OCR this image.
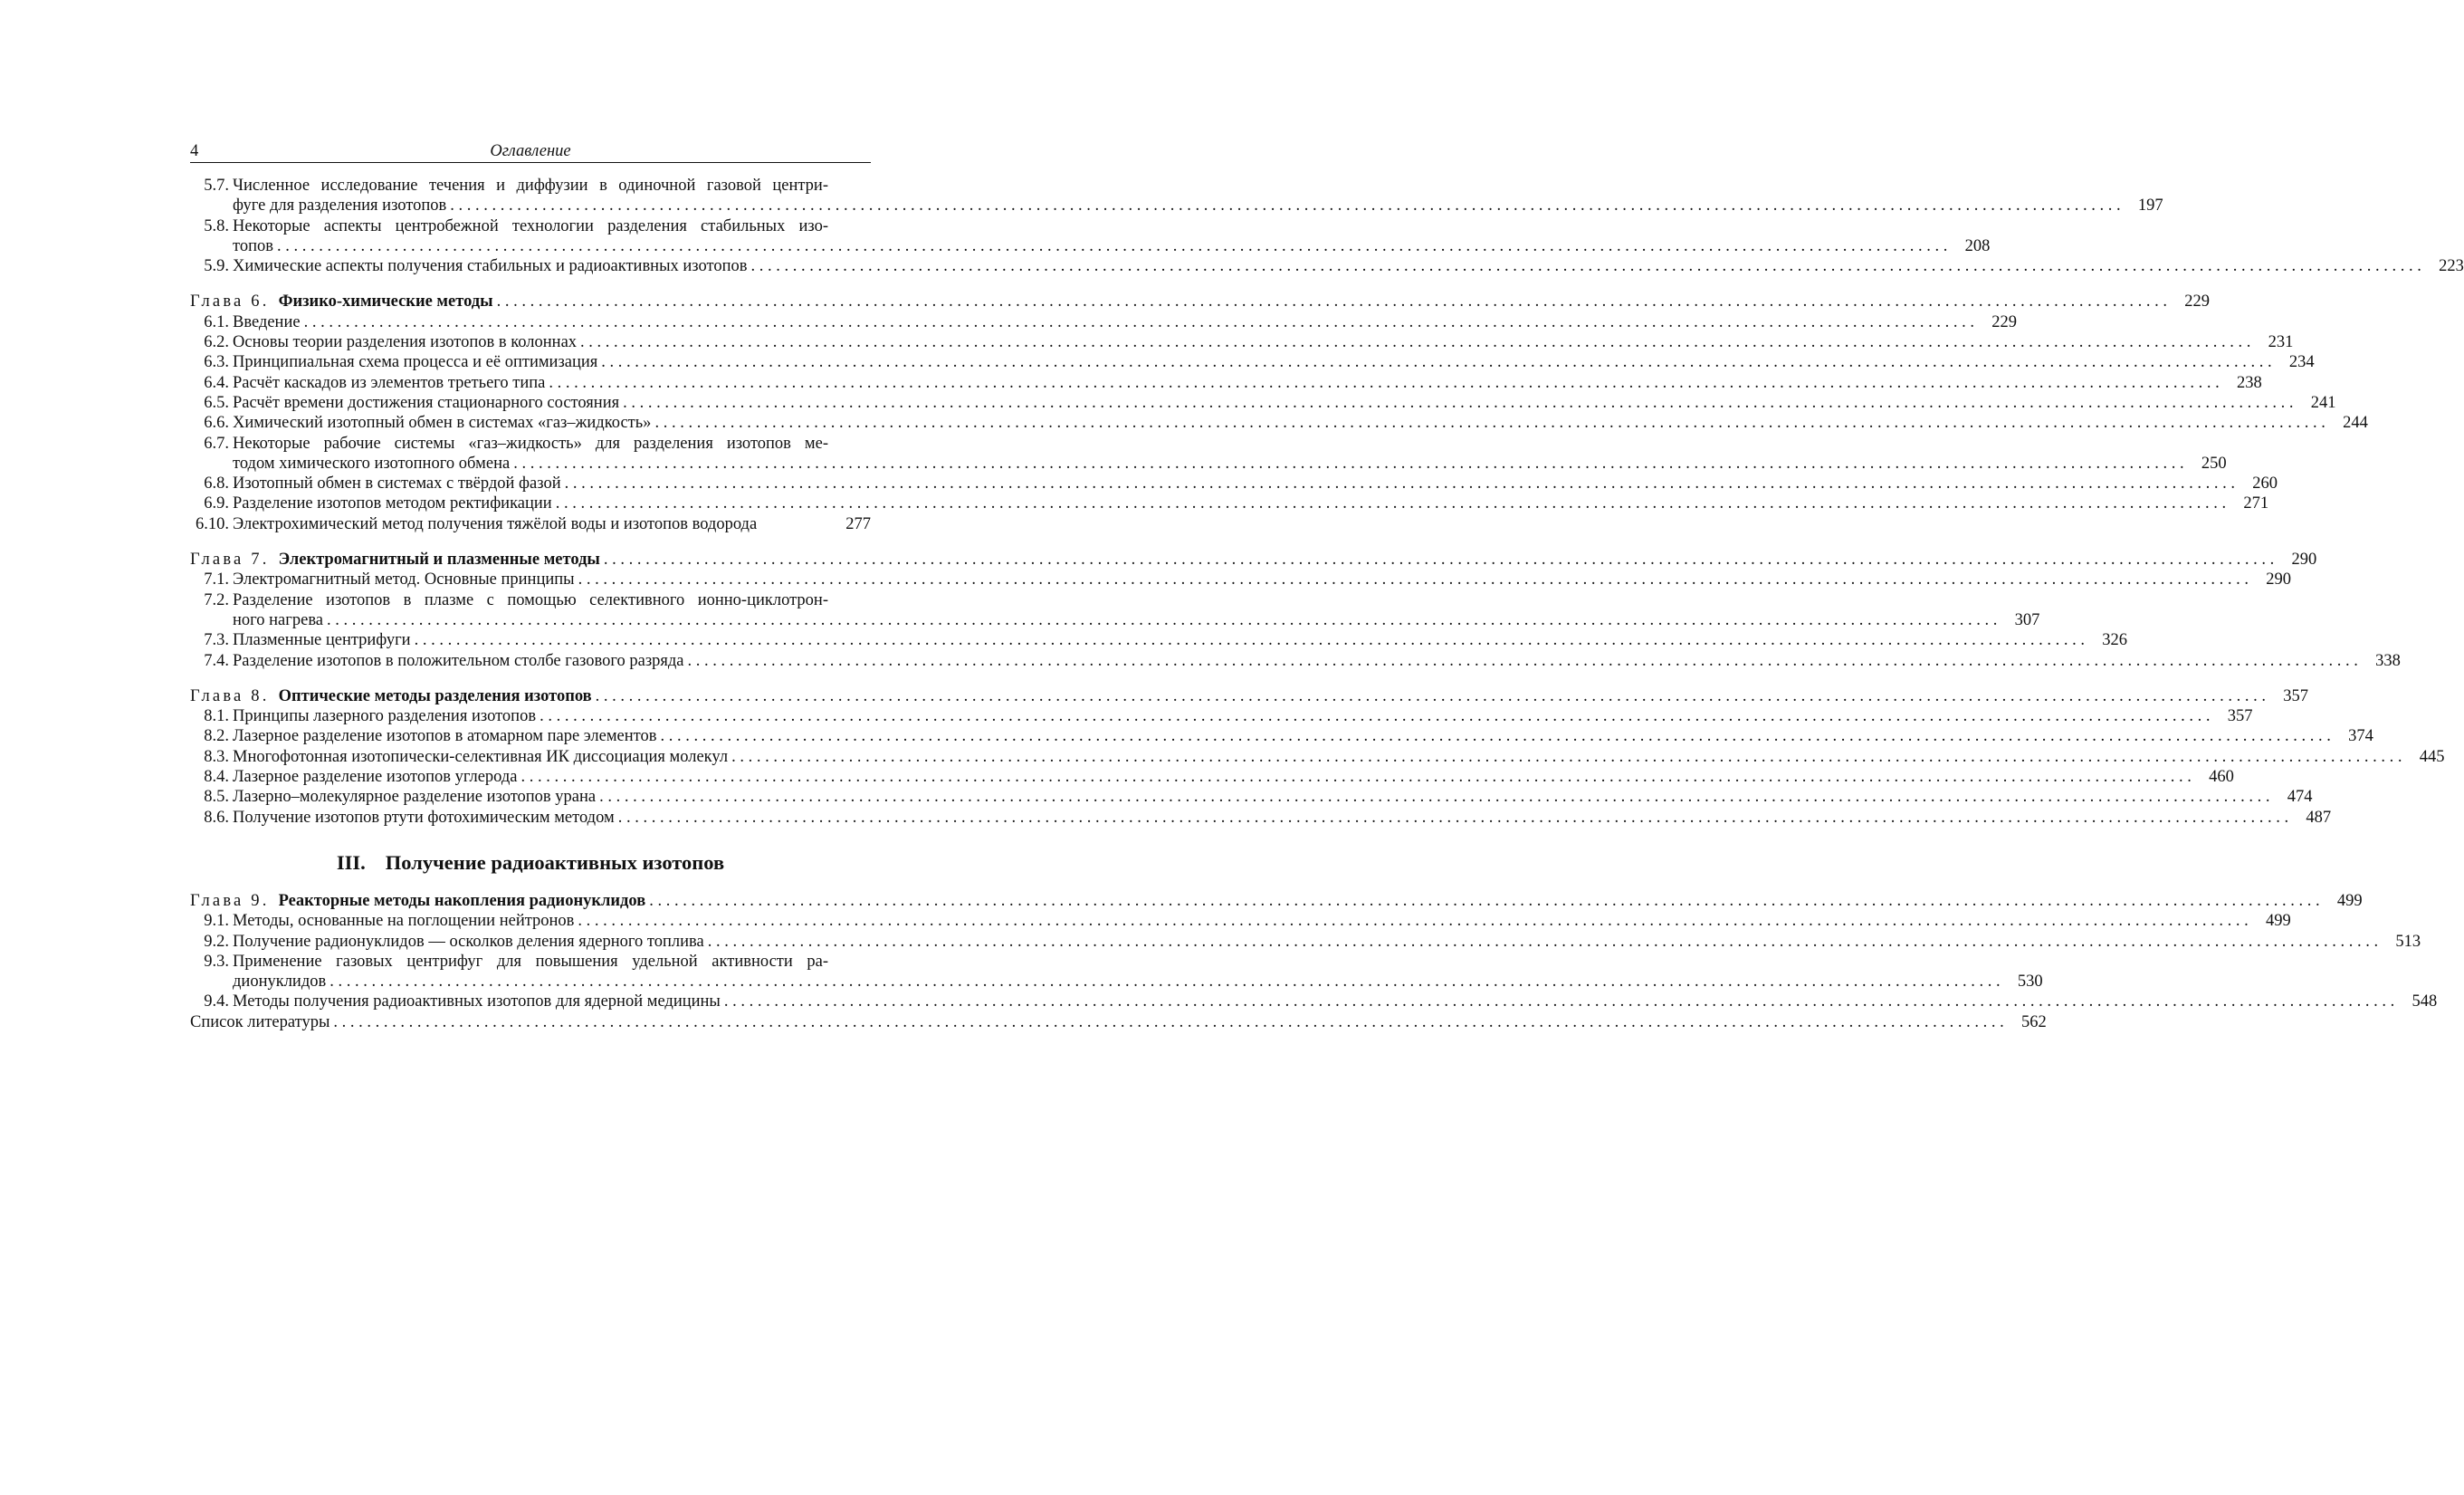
4	Оглавление
5.7. Численное исследование течения и диффузии в одиночной газовой центри-
фуге для разделения изотопов . . . . . . . . . . . . . . . . . . . . . . . . . . . . . . . . . . . . . . . . . . . . . . . . . . . . . . . . . . . . . . . . . . . . . . . . . . . . . . . . . . . . . . . . . . . . . . . . . . . . . . . . . . . . . . . . . . . . . . . . . . . . . . . . . . . . . . . . . . . . . . . . . . . . . . . . . . . . . . . . . . . . . . . . . . . . . . . . . . . . . . . . . . . . . . . . . . . . . . . .	197
5.8. Некоторые аспекты центробежной технологии разделения стабильных изо-
топов . . . . . . . . . . . . . . . . . . . . . . . . . . . . . . . . . . . . . . . . . . . . . . . . . . . . . . . . . . . . . . . . . . . . . . . . . . . . . . . . . . . . . . . . . . . . . . . . . . . . . . . . . . . . . . . . . . . . . . . . . . . . . . . . . . . . . . . . . . . . . . . . . . . . . . . . . . . . . . . . . . . . . . . . . . . . . . . . . . . . . . . . . . . . . . . . . . . . . . . .	208
5.9. Химические аспекты получения стабильных и радиоактивных изотопов . . . . . . . . . . . . . . . . . . . . . . . . . . . . . . . . . . . . . . . . . . . . . . . . . . . . . . . . . . . . . . . . . . . . . . . . . . . . . . . . . . . . . . . . . . . . . . . . . . . . . . . . . . . . . . . . . . . . . . . . . . . . . . . . . . . . . . . . . . . . . . . . . . . . . . . . . . . . . . . . . . . . . . . . . . . . . . . . . . . . . . . . . . . . . . . . . . . . . . . .	223
Глава 6. Физико-химические методы . . . . . . . . . . . . . . . . . . . . . . . . . . . . . . . . . . . . . . . . . . . . . . . . . . . . . . . . . . . . . . . . . . . . . . . . . . . . . . . . . . . . . . . . . . . . . . . . . . . . . . . . . . . . . . . . . . . . . . . . . . . . . . . . . . . . . . . . . . . . . . . . . . . . . . . . . . . . . . . . . . . . . . . . . . . . . . . . . . . . . . . . . . . . . . . . . . . . . . . .	229
6.1. Введение . . . . . . . . . . . . . . . . . . . . . . . . . . . . . . . . . . . . . . . . . . . . . . . . . . . . . . . . . . . . . . . . . . . . . . . . . . . . . . . . . . . . . . . . . . . . . . . . . . . . . . . . . . . . . . . . . . . . . . . . . . . . . . . . . . . . . . . . . . . . . . . . . . . . . . . . . . . . . . . . . . . . . . . . . . . . . . . . . . . . . . . . . . . . . . . . . . . . . . . .	229
6.2. Основы теории разделения изотопов в колоннах . . . . . . . . . . . . . . . . . . . . . . . . . . . . . . . . . . . . . . . . . . . . . . . . . . . . . . . . . . . . . . . . . . . . . . . . . . . . . . . . . . . . . . . . . . . . . . . . . . . . . . . . . . . . . . . . . . . . . . . . . . . . . . . . . . . . . . . . . . . . . . . . . . . . . . . . . . . . . . . . . . . . . . . . . . . . . . . . . . . . . . . . . . . . . . . . . . . . . . . .	231
6.3. Принципиальная схема процесса и её оптимизация . . . . . . . . . . . . . . . . . . . . . . . . . . . . . . . . . . . . . . . . . . . . . . . . . . . . . . . . . . . . . . . . . . . . . . . . . . . . . . . . . . . . . . . . . . . . . . . . . . . . . . . . . . . . . . . . . . . . . . . . . . . . . . . . . . . . . . . . . . . . . . . . . . . . . . . . . . . . . . . . . . . . . . . . . . . . . . . . . . . . . . . . . . . . . . . . . . . . . . . .	234
6.4. Расчёт каскадов из элементов третьего типа . . . . . . . . . . . . . . . . . . . . . . . . . . . . . . . . . . . . . . . . . . . . . . . . . . . . . . . . . . . . . . . . . . . . . . . . . . . . . . . . . . . . . . . . . . . . . . . . . . . . . . . . . . . . . . . . . . . . . . . . . . . . . . . . . . . . . . . . . . . . . . . . . . . . . . . . . . . . . . . . . . . . . . . . . . . . . . . . . . . . . . . . . . . . . . . . . . . . . . . .	238
6.5. Расчёт времени достижения стационарного состояния . . . . . . . . . . . . . . . . . . . . . . . . . . . . . . . . . . . . . . . . . . . . . . . . . . . . . . . . . . . . . . . . . . . . . . . . . . . . . . . . . . . . . . . . . . . . . . . . . . . . . . . . . . . . . . . . . . . . . . . . . . . . . . . . . . . . . . . . . . . . . . . . . . . . . . . . . . . . . . . . . . . . . . . . . . . . . . . . . . . . . . . . . . . . . . . . . . . . . . . .	241
6.6. Химический изотопный обмен в системах «газ–жидкость» . . . . . . . . . . . . . . . . . . . . . . . . . . . . . . . . . . . . . . . . . . . . . . . . . . . . . . . . . . . . . . . . . . . . . . . . . . . . . . . . . . . . . . . . . . . . . . . . . . . . . . . . . . . . . . . . . . . . . . . . . . . . . . . . . . . . . . . . . . . . . . . . . . . . . . . . . . . . . . . . . . . . . . . . . . . . . . . . . . . . . . . . . . . . . . . . . . . . . . . .	244
6.7. Некоторые рабочие системы «газ–жидкость» для разделения изотопов ме-
тодом химического изотопного обмена . . . . . . . . . . . . . . . . . . . . . . . . . . . . . . . . . . . . . . . . . . . . . . . . . . . . . . . . . . . . . . . . . . . . . . . . . . . . . . . . . . . . . . . . . . . . . . . . . . . . . . . . . . . . . . . . . . . . . . . . . . . . . . . . . . . . . . . . . . . . . . . . . . . . . . . . . . . . . . . . . . . . . . . . . . . . . . . . . . . . . . . . . . . . . . . . . . . . . . . .	250
6.8. Изотопный обмен в системах с твёрдой фазой . . . . . . . . . . . . . . . . . . . . . . . . . . . . . . . . . . . . . . . . . . . . . . . . . . . . . . . . . . . . . . . . . . . . . . . . . . . . . . . . . . . . . . . . . . . . . . . . . . . . . . . . . . . . . . . . . . . . . . . . . . . . . . . . . . . . . . . . . . . . . . . . . . . . . . . . . . . . . . . . . . . . . . . . . . . . . . . . . . . . . . . . . . . . . . . . . . . . . . . .	260
6.9. Разделение изотопов методом ректификации . . . . . . . . . . . . . . . . . . . . . . . . . . . . . . . . . . . . . . . . . . . . . . . . . . . . . . . . . . . . . . . . . . . . . . . . . . . . . . . . . . . . . . . . . . . . . . . . . . . . . . . . . . . . . . . . . . . . . . . . . . . . . . . . . . . . . . . . . . . . . . . . . . . . . . . . . . . . . . . . . . . . . . . . . . . . . . . . . . . . . . . . . . . . . . . . . . . . . . . .	271
6.10. Электрохимический метод получения тяжёлой воды и изотопов водорода	277
Глава 7. Электромагнитный и плазменные методы . . . . . . . . . . . . . . . . . . . . . . . . . . . . . . . . . . . . . . . . . . . . . . . . . . . . . . . . . . . . . . . . . . . . . . . . . . . . . . . . . . . . . . . . . . . . . . . . . . . . . . . . . . . . . . . . . . . . . . . . . . . . . . . . . . . . . . . . . . . . . . . . . . . . . . . . . . . . . . . . . . . . . . . . . . . . . . . . . . . . . . . . . . . . . . . . . . . . . . . .	290
7.1. Электромагнитный метод. Основные принципы . . . . . . . . . . . . . . . . . . . . . . . . . . . . . . . . . . . . . . . . . . . . . . . . . . . . . . . . . . . . . . . . . . . . . . . . . . . . . . . . . . . . . . . . . . . . . . . . . . . . . . . . . . . . . . . . . . . . . . . . . . . . . . . . . . . . . . . . . . . . . . . . . . . . . . . . . . . . . . . . . . . . . . . . . . . . . . . . . . . . . . . . . . . . . . . . . . . . . . . .	290
7.2. Разделение изотопов в плазме с помощью селективного ионно-циклотрон-
ного нагрева . . . . . . . . . . . . . . . . . . . . . . . . . . . . . . . . . . . . . . . . . . . . . . . . . . . . . . . . . . . . . . . . . . . . . . . . . . . . . . . . . . . . . . . . . . . . . . . . . . . . . . . . . . . . . . . . . . . . . . . . . . . . . . . . . . . . . . . . . . . . . . . . . . . . . . . . . . . . . . . . . . . . . . . . . . . . . . . . . . . . . . . . . . . . . . . . . . . . . . . .	307
7.3. Плазменные центрифуги . . . . . . . . . . . . . . . . . . . . . . . . . . . . . . . . . . . . . . . . . . . . . . . . . . . . . . . . . . . . . . . . . . . . . . . . . . . . . . . . . . . . . . . . . . . . . . . . . . . . . . . . . . . . . . . . . . . . . . . . . . . . . . . . . . . . . . . . . . . . . . . . . . . . . . . . . . . . . . . . . . . . . . . . . . . . . . . . . . . . . . . . . . . . . . . . . . . . . . . .	326
7.4. Разделение изотопов в положительном столбе газового разряда . . . . . . . . . . . . . . . . . . . . . . . . . . . . . . . . . . . . . . . . . . . . . . . . . . . . . . . . . . . . . . . . . . . . . . . . . . . . . . . . . . . . . . . . . . . . . . . . . . . . . . . . . . . . . . . . . . . . . . . . . . . . . . . . . . . . . . . . . . . . . . . . . . . . . . . . . . . . . . . . . . . . . . . . . . . . . . . . . . . . . . . . . . . . . . . . . . . . . . . .	338
Глава 8. Оптические методы разделения изотопов . . . . . . . . . . . . . . . . . . . . . . . . . . . . . . . . . . . . . . . . . . . . . . . . . . . . . . . . . . . . . . . . . . . . . . . . . . . . . . . . . . . . . . . . . . . . . . . . . . . . . . . . . . . . . . . . . . . . . . . . . . . . . . . . . . . . . . . . . . . . . . . . . . . . . . . . . . . . . . . . . . . . . . . . . . . . . . . . . . . . . . . . . . . . . . . . . . . . . . . .	357
8.1. Принципы лазерного разделения изотопов . . . . . . . . . . . . . . . . . . . . . . . . . . . . . . . . . . . . . . . . . . . . . . . . . . . . . . . . . . . . . . . . . . . . . . . . . . . . . . . . . . . . . . . . . . . . . . . . . . . . . . . . . . . . . . . . . . . . . . . . . . . . . . . . . . . . . . . . . . . . . . . . . . . . . . . . . . . . . . . . . . . . . . . . . . . . . . . . . . . . . . . . . . . . . . . . . . . . . . . .	357
8.2. Лазерное разделение изотопов в атомарном паре элементов . . . . . . . . . . . . . . . . . . . . . . . . . . . . . . . . . . . . . . . . . . . . . . . . . . . . . . . . . . . . . . . . . . . . . . . . . . . . . . . . . . . . . . . . . . . . . . . . . . . . . . . . . . . . . . . . . . . . . . . . . . . . . . . . . . . . . . . . . . . . . . . . . . . . . . . . . . . . . . . . . . . . . . . . . . . . . . . . . . . . . . . . . . . . . . . . . . . . . . . .	374
8.3. Многофотонная изотопически-селективная ИК диссоциация молекул . . . . . . . . . . . . . . . . . . . . . . . . . . . . . . . . . . . . . . . . . . . . . . . . . . . . . . . . . . . . . . . . . . . . . . . . . . . . . . . . . . . . . . . . . . . . . . . . . . . . . . . . . . . . . . . . . . . . . . . . . . . . . . . . . . . . . . . . . . . . . . . . . . . . . . . . . . . . . . . . . . . . . . . . . . . . . . . . . . . . . . . . . . . . . . . . . . . . . . . .	445
8.4. Лазерное разделение изотопов углерода . . . . . . . . . . . . . . . . . . . . . . . . . . . . . . . . . . . . . . . . . . . . . . . . . . . . . . . . . . . . . . . . . . . . . . . . . . . . . . . . . . . . . . . . . . . . . . . . . . . . . . . . . . . . . . . . . . . . . . . . . . . . . . . . . . . . . . . . . . . . . . . . . . . . . . . . . . . . . . . . . . . . . . . . . . . . . . . . . . . . . . . . . . . . . . . . . . . . . . . .	460
8.5. Лазерно–молекулярное разделение изотопов урана . . . . . . . . . . . . . . . . . . . . . . . . . . . . . . . . . . . . . . . . . . . . . . . . . . . . . . . . . . . . . . . . . . . . . . . . . . . . . . . . . . . . . . . . . . . . . . . . . . . . . . . . . . . . . . . . . . . . . . . . . . . . . . . . . . . . . . . . . . . . . . . . . . . . . . . . . . . . . . . . . . . . . . . . . . . . . . . . . . . . . . . . . . . . . . . . . . . . . . . .	474
8.6. Получение изотопов ртути фотохимическим методом . . . . . . . . . . . . . . . . . . . . . . . . . . . . . . . . . . . . . . . . . . . . . . . . . . . . . . . . . . . . . . . . . . . . . . . . . . . . . . . . . . . . . . . . . . . . . . . . . . . . . . . . . . . . . . . . . . . . . . . . . . . . . . . . . . . . . . . . . . . . . . . . . . . . . . . . . . . . . . . . . . . . . . . . . . . . . . . . . . . . . . . . . . . . . . . . . . . . . . . .	487
III. Получение радиоактивных изотопов
Глава 9. Реакторные методы накопления радионуклидов . . . . . . . . . . . . . . . . . . . . . . . . . . . . . . . . . . . . . . . . . . . . . . . . . . . . . . . . . . . . . . . . . . . . . . . . . . . . . . . . . . . . . . . . . . . . . . . . . . . . . . . . . . . . . . . . . . . . . . . . . . . . . . . . . . . . . . . . . . . . . . . . . . . . . . . . . . . . . . . . . . . . . . . . . . . . . . . . . . . . . . . . . . . . . . . . . . . . . . . .	499
9.1. Методы, основанные на поглощении нейтронов . . . . . . . . . . . . . . . . . . . . . . . . . . . . . . . . . . . . . . . . . . . . . . . . . . . . . . . . . . . . . . . . . . . . . . . . . . . . . . . . . . . . . . . . . . . . . . . . . . . . . . . . . . . . . . . . . . . . . . . . . . . . . . . . . . . . . . . . . . . . . . . . . . . . . . . . . . . . . . . . . . . . . . . . . . . . . . . . . . . . . . . . . . . . . . . . . . . . . . . .	499
9.2. Получение радионуклидов — осколков деления ядерного топлива . . . . . . . . . . . . . . . . . . . . . . . . . . . . . . . . . . . . . . . . . . . . . . . . . . . . . . . . . . . . . . . . . . . . . . . . . . . . . . . . . . . . . . . . . . . . . . . . . . . . . . . . . . . . . . . . . . . . . . . . . . . . . . . . . . . . . . . . . . . . . . . . . . . . . . . . . . . . . . . . . . . . . . . . . . . . . . . . . . . . . . . . . . . . . . . . . . . . . . . .	513
9.3. Применение газовых центрифуг для повышения удельной активности ра-
дионуклидов . . . . . . . . . . . . . . . . . . . . . . . . . . . . . . . . . . . . . . . . . . . . . . . . . . . . . . . . . . . . . . . . . . . . . . . . . . . . . . . . . . . . . . . . . . . . . . . . . . . . . . . . . . . . . . . . . . . . . . . . . . . . . . . . . . . . . . . . . . . . . . . . . . . . . . . . . . . . . . . . . . . . . . . . . . . . . . . . . . . . . . . . . . . . . . . . . . . . . . . .	530
9.4. Методы получения радиоактивных изотопов для ядерной медицины . . . . . . . . . . . . . . . . . . . . . . . . . . . . . . . . . . . . . . . . . . . . . . . . . . . . . . . . . . . . . . . . . . . . . . . . . . . . . . . . . . . . . . . . . . . . . . . . . . . . . . . . . . . . . . . . . . . . . . . . . . . . . . . . . . . . . . . . . . . . . . . . . . . . . . . . . . . . . . . . . . . . . . . . . . . . . . . . . . . . . . . . . . . . . . . . . . . . . . . .	548
Список литературы . . . . . . . . . . . . . . . . . . . . . . . . . . . . . . . . . . . . . . . . . . . . . . . . . . . . . . . . . . . . . . . . . . . . . . . . . . . . . . . . . . . . . . . . . . . . . . . . . . . . . . . . . . . . . . . . . . . . . . . . . . . . . . . . . . . . . . . . . . . . . . . . . . . . . . . . . . . . . . . . . . . . . . . . . . . . . . . . . . . . . . . . . . . . . . . . . . . . . . . .	562
